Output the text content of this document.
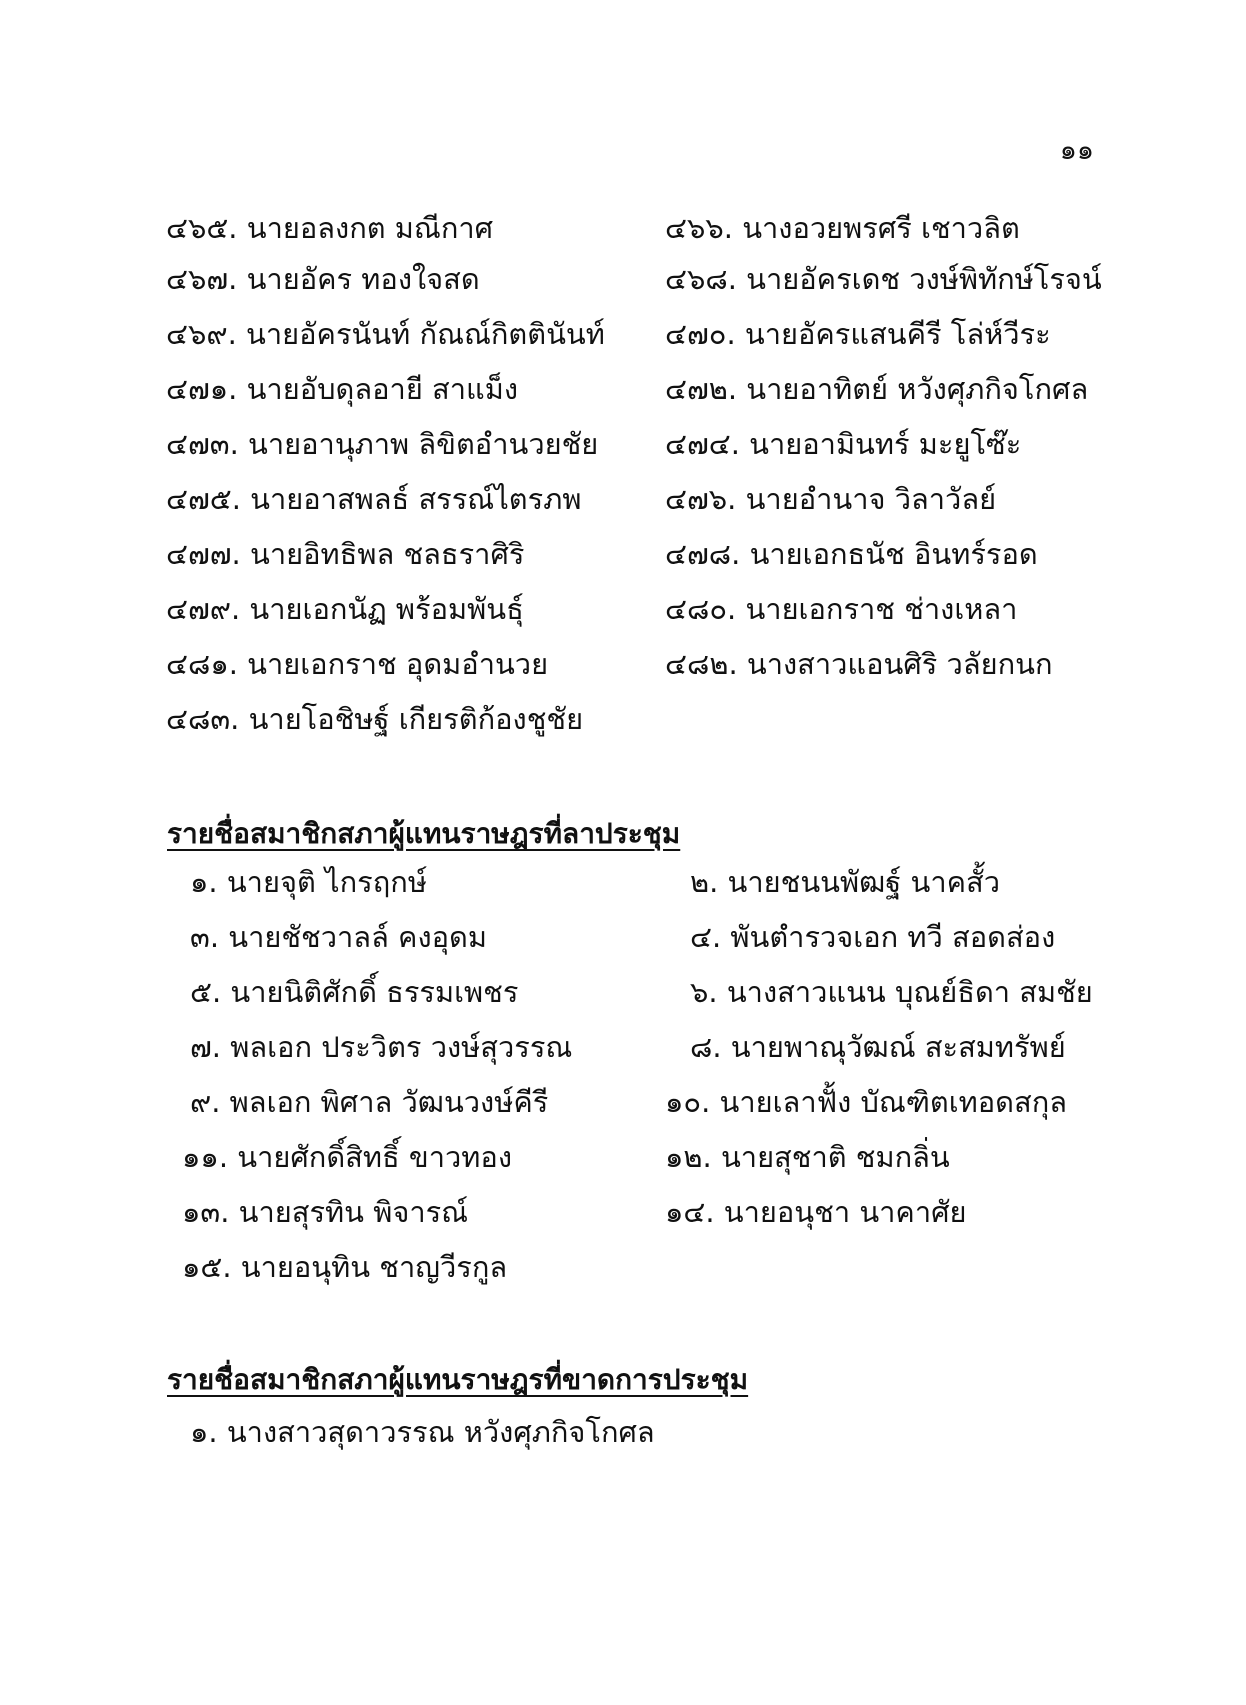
๑๑
๔๖๕. นายอลงกต มณีกาศ	๔๖๖. นางอวยพรศรี เชาวลิต
๔๖๗. นายอัคร ทองใจสด	๔๖๘. นายอัครเดช วงษ์พิทักษ์โรจน์
๔๖๙. นายอัครนันท์ กัณณ์กิตตินันท์ ๔๗๐. นายอัครแสนคีรี โล่ห์วีระ
๔๗๑. นายอับดุลอายี สาแม็ง	๔๗๒. นายอาทิตย์ หวังศุภกิจโกศล
๔๗๓. นายอานุภาพ ลิขิตอำนวยชัย ๔๗๔. นายอามินทร์ มะยูโซ๊ะ
๔๗๕. นายอาสพลธ์ สรรณ์ไตรภพ	๔๗๖. นายอำนาจ วิลาวัลย์
๔๗๗. นายอิทธิพล ชลธราศิริ	๔๗๘. นายเอกธนัช อินทร์รอด
๔๗๙. นายเอกนัฏ พร้อมพันธุ์	๔๘๐. นายเอกราช ช่างเหลา
๔๘๑. นายเอกราช อุดมอำนวย	๔๘๒. นางสาวแอนศิริ วลัยกนก
๔๘๓. นายโอชิษฐ์ เกียรติก้องชูชัย
รายชื่อสมาชิกสภาผู้แทนราษฎรที่ลาประชุม
๑. นายจุติ ไกรฤกษ์	๒. นายชนนพัฒฐ์ นาคสั้ว
๓. นายชัชวาลล์ คงอุดม	๔. พันตำรวจเอก ทวี สอดส่อง
๕. นายนิติศักดิ์ ธรรมเพชร	๖. นางสาวแนน บุณย์ธิดา สมชัย
๗. พลเอก ประวิตร วงษ์สุวรรณ	๘. นายพาณุวัฒณ์ สะสมทรัพย์
๙. พลเอก พิศาล วัฒนวงษ์คีรี	๑๐. นายเลาฟั้ง บัณฑิตเทอดสกุล
๑๑. นายศักดิ์สิทธิ์ ขาวทอง	๑๒. นายสุชาติ ชมกลิ่น
๑๓. นายสุรทิน พิจารณ์	๑๔. นายอนุชา นาคาศัย
๑๕. นายอนุทิน ชาญวีรกูล
รายชื่อสมาชิกสภาผู้แทนราษฎรที่ขาดการประชุม
๑. นางสาวสุดาวรรณ หวังศุภกิจโกศล
